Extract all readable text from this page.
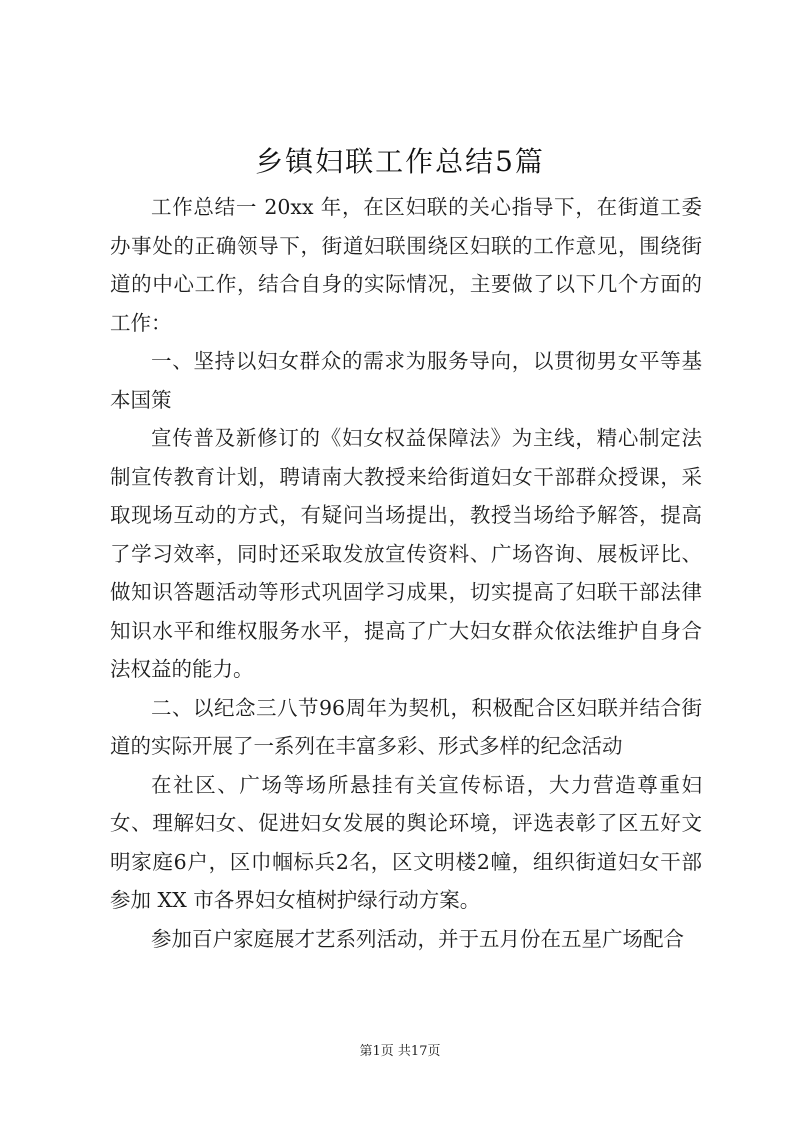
乡镇妇联工作总结5篇

工作总结一 20xx 年，在区妇联的关心指导下，在街道工委办事处的正确领导下，街道妇联围绕区妇联的工作意见，围绕街道的中心工作，结合自身的实际情况，主要做了以下几个方面的工作：

一、坚持以妇女群众的需求为服务导向，以贯彻男女平等基本国策

宣传普及新修订的《妇女权益保障法》为主线，精心制定法制宣传教育计划，聘请南大教授来给街道妇女干部群众授课，采取现场互动的方式，有疑问当场提出，教授当场给予解答，提高了学习效率，同时还采取发放宣传资料、广场咨询、展板评比、做知识答题活动等形式巩固学习成果，切实提高了妇联干部法律知识水平和维权服务水平，提高了广大妇女群众依法维护自身合法权益的能力。

二、以纪念三八节96周年为契机，积极配合区妇联并结合街道的实际开展了一系列在丰富多彩、形式多样的纪念活动

在社区、广场等场所悬挂有关宣传标语，大力营造尊重妇女、理解妇女、促进妇女发展的舆论环境，评选表彰了区五好文明家庭6户，区巾帼标兵2名，区文明楼2幢，组织街道妇女干部参加 XX 市各界妇女植树护绿行动方案。

参加百户家庭展才艺系列活动，并于五月份在五星广场配合

第1页 共17页
